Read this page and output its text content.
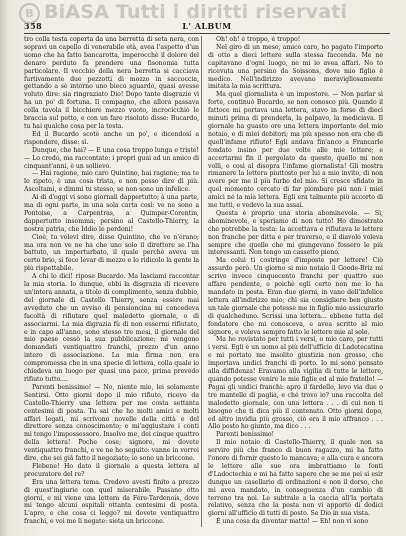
B BiASA Tutti i diritti riservati
358	L' ALBUM

tro colla testa coperta da una berretta di seta nera, con sopravi un capello di venerabile età, avea l'aspetto d'un uomo che ha fatto bancarotta, imperocchè il dolore del denaro perduto fa prendere una fisonomia tutta particolare. Il veccbio della nera berretta si cacciava furtivamente due pezzotti di mozzo in saccoccia, gettando a sè intorno uno bieco sguardo, quasi avesse voluto dire: sia ringraziato Dio! Dopo tante disgrazie vi ha un po' di fortuna. Il compagno, che allora passava colla tavola il bicchiere mezzo vuoto, incrocicchiò le braccia sul petto, e con un fare risoluto disse: Bucardo, tu hai qualche cosa per la testa.

Ed il Bucardo scotè anche un po', e dicendosi a rispondere, disse: sì.

Dunque, che hai? — E una cosa troppo lunga e triste! — Lo credo, ma raccontate: i propri guai ad un amico di cinquant'anni, è un sollievo.

— Hai ragione, mio caro Quintino, hai ragione; ma te lo ripeto, è una cosa trista, e non posso dire di più. Ascoltami, e dimmi tu stesso, se non sono un infelice.

Ai di d'oggi vi sono giornali dappertutto; à una parte, ma di ogni parte, in una sola carta così: ve ne sono a Pontoise, a Carpentras, a Quimper-Corentin, dappertutto insomma; persino al Castello-Thierry, la nostra patria, che Iddio le perdoni!

Cioè, tu volevi dire, disse Quintino, che ve n'erano; ma ora non ve ne ha che uno solo il direttore se l'ha battuto, un imperturbato, il quale perchè aveva un certo brio, si fece levar di mezzo e lo ridicolo la gente la più rispettabile.

A chi lo dici! ripose Bucardo. Ma lasciami raccontar la mia storia. Io dunque, ebbi la disgrazia di ricevere un'intera annata, a titolo di complimento, senza dubbio, del giornale di Castello Thierry, senza essere mai avveduto che un avviso di pensioncina mi concedeva facoltà di rifiutare quel maledetto giornale, o di associarmi. La mia digrazia fù di non essermi rifiutato, e in capo all'anno, sono stesso tre mesi, il giornale del mio paese cessò la sua pubblicazione; mi vengono domandati ventiquattro franchi, prezzo d'un anno intero di associazione. La mia firma non era compromessa che in una specie di lettera, colla quale io chiedeva un luogo per quasi una pace, prima prevedo rifiuto tutto....

Parenti benissimo! — No, niente mio, lei solamente Sentirsi. Otto giorni dopo il mio rifiuto, ricevo da Castello-Thierry una lettera per me costa settanta centesimi di posta. Tu sai che ho molti amici e molti affari legati, mi scrivono novelle della città e del direttore senza conoscimento; e mi'aggiustare i conti mi tengo l'impossessore. Insolvo me, dei cinque quattro della lettera! Poche cose; signore, mi dovete ventiquattro franchi, e ve ne ho seguito: vanne in vorrei dire, che sei già fatto il negoziato; io sono un briccone.

Flebene! Ho dato il giornale a questa lettera al procuratore del re?

Era una lettera tema. Credevo avesti finito a prezzo di quest'ingiurie con quel miserabile. Passano otto giorni, e mi viene una lettera da Fére-Tardenois, dove mi tengo alcuni ospitali ottanta centesimi di posta. L'apro, e che cosa ci leggo? mi dovete ventiquattro franchi, e voi me li negate: sieta un briccone.

Oh! oh! è troppo, è troppo!

Nel giro di un mese, amico caro, ho pagato l'importo di otto a dieci lettere sulla stessa faccenda. Me ne capitavano d'ogni luogo, ne mi io avea affari. No to ricevuta una persino da Soissons, dove mio figlio è medico. Nell'indirizzo avevano meravigliosamente imitata la mia scrittura.

Ma quel giornalista è un impostore. — Non parlar sì forte, continuò Bucardo, se non conosco più. Quando il fattoce mi portava una lettera, stavo in forse di dieci minuti prima di prenderla, la palpavo, la mediciava. Il giornale ha guasto ore una lettera importante del mio notaio, e di miei debitori; ma più spesso non era che di quell'infame rifiuto! Egli andava fin'anco a Francarle fondato insino per due volte alle mie lettere; e accertarmi fin il pergolato da questo, quello mi non volli, e così al disopra l'infame giornalista! Gli mostra rimanere la lettera piuttosto per lui a mio invito, di non avere per me il più furbo del mio. Si cresce sfidato in quel momento cercato di far piombare più non i miei amici né la mia lettera. Egli era talmente più accorto di me tutti, e vedevo la sua assai.

Questa è proprio una storia abominevole. — Sì, abominevole, e speriamo di non tutto! Ho dimostrato che potrebbe la testa: la accettava e rifiutava le lettere non franche per ditta e per traverso, e il diavolo voleva sempre che quelle che mi giungevano fossero le più interessanti. Non tengo un cassetto pieno.

Ma colui ti costringe d'imposte per lettere! Ciò assurdo però. Un giorno si mio notaio il Goode-Briz mi scrive invece cinquecento franchi per quattro suo affare pendente, e poichè egli certo non me lo ha mandato in posta. Eran due giorni, in vano dell'infelice lettera all'indirizzo mio; chi sia consigliere ben giusto un tale giornale che potesse me in figlio mio assicurarlo di qualcheduno. Scrissi una lettera... ebbene tutta del fondatore che mi conosceva, e avea scritto al mio signore, e voleva sempre fatto le lettere mie al sole.

Ma ho rovistato per tutti i versi, o mio caro, per tutti i versi. Egli è un uomo al più dell'ufficio di Ladotecatina e mi portato me insolito giustizia non grosso, che importava undici franchi di porto. Io mi sono pensato alla diffidenza! Eravamo alla vigilia di tutte le lettere, quando potesse venire le mie figlie ed al mio fratello! — Pagai gli undici franchi: apro il fardello, levo via due o tre mantelle di paglia, e ché trovo io? una raccolta del maledetto giornale, con una lettera . . . di cui non ti bisogno che ti dica più il contenuto. Otto giorni dopo, ed altro invidia più grosso, ciò era il mio affranco . . . Allo posto ho giunto, ma dico . . .

Parenti benissimo!

Il mio notaio di Castello-Thierry, il quale non sa servire più che franco di buon ragazzo, mi ha fatto l'onore di fornir questo lo mancava; e alla cura e ancora le lettere alle sue ora imbrattiamo le fonti d'Ladoctechia e mi ha fatto sapere che se me pei si esir dunque un casellario di ordinazioni e non il dorso, che mi avea mandato, in conseguenza d'un cambio di terreno tra noi. Le subtrale a la caccia all'la portata relativo, senza che la posta non vi apportò di dodici giorni all'ufficio di tutti di posto. Se Dio in sua vista.

È una cosa da diventar matto! — Eh! non vi sono
